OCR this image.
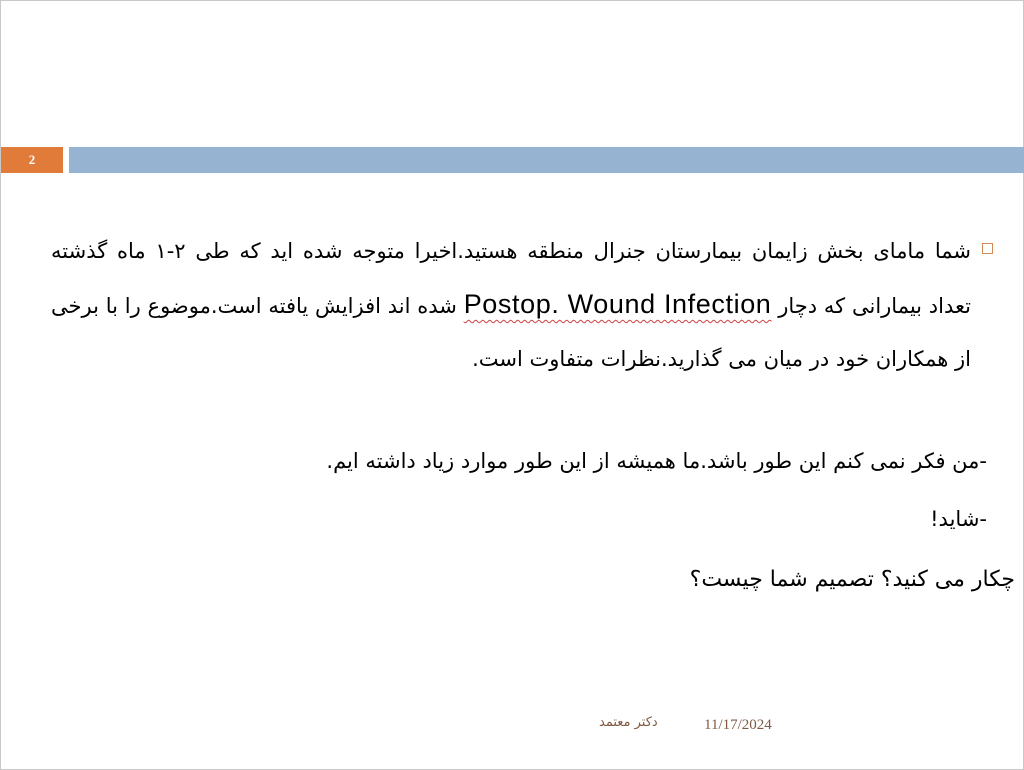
2

شما مامای بخش زایمان بیمارستان جنرال منطقه هستید.اخیرا متوجه شده اید که طی ۲-۱ ماه گذشته تعداد بیمارانی که دچار Postop. Wound Infection شده اند افزایش یافته است.موضوع را با برخی از همکاران خود در میان می گذارید.نظرات متفاوت است.

-من فکر نمی کنم این طور باشد.ما همیشه از این طور موارد زیاد داشته ایم.

-شاید!

چکار می کنید؟ تصمیم شما چیست؟

دکتر معتمد	11/17/2024
